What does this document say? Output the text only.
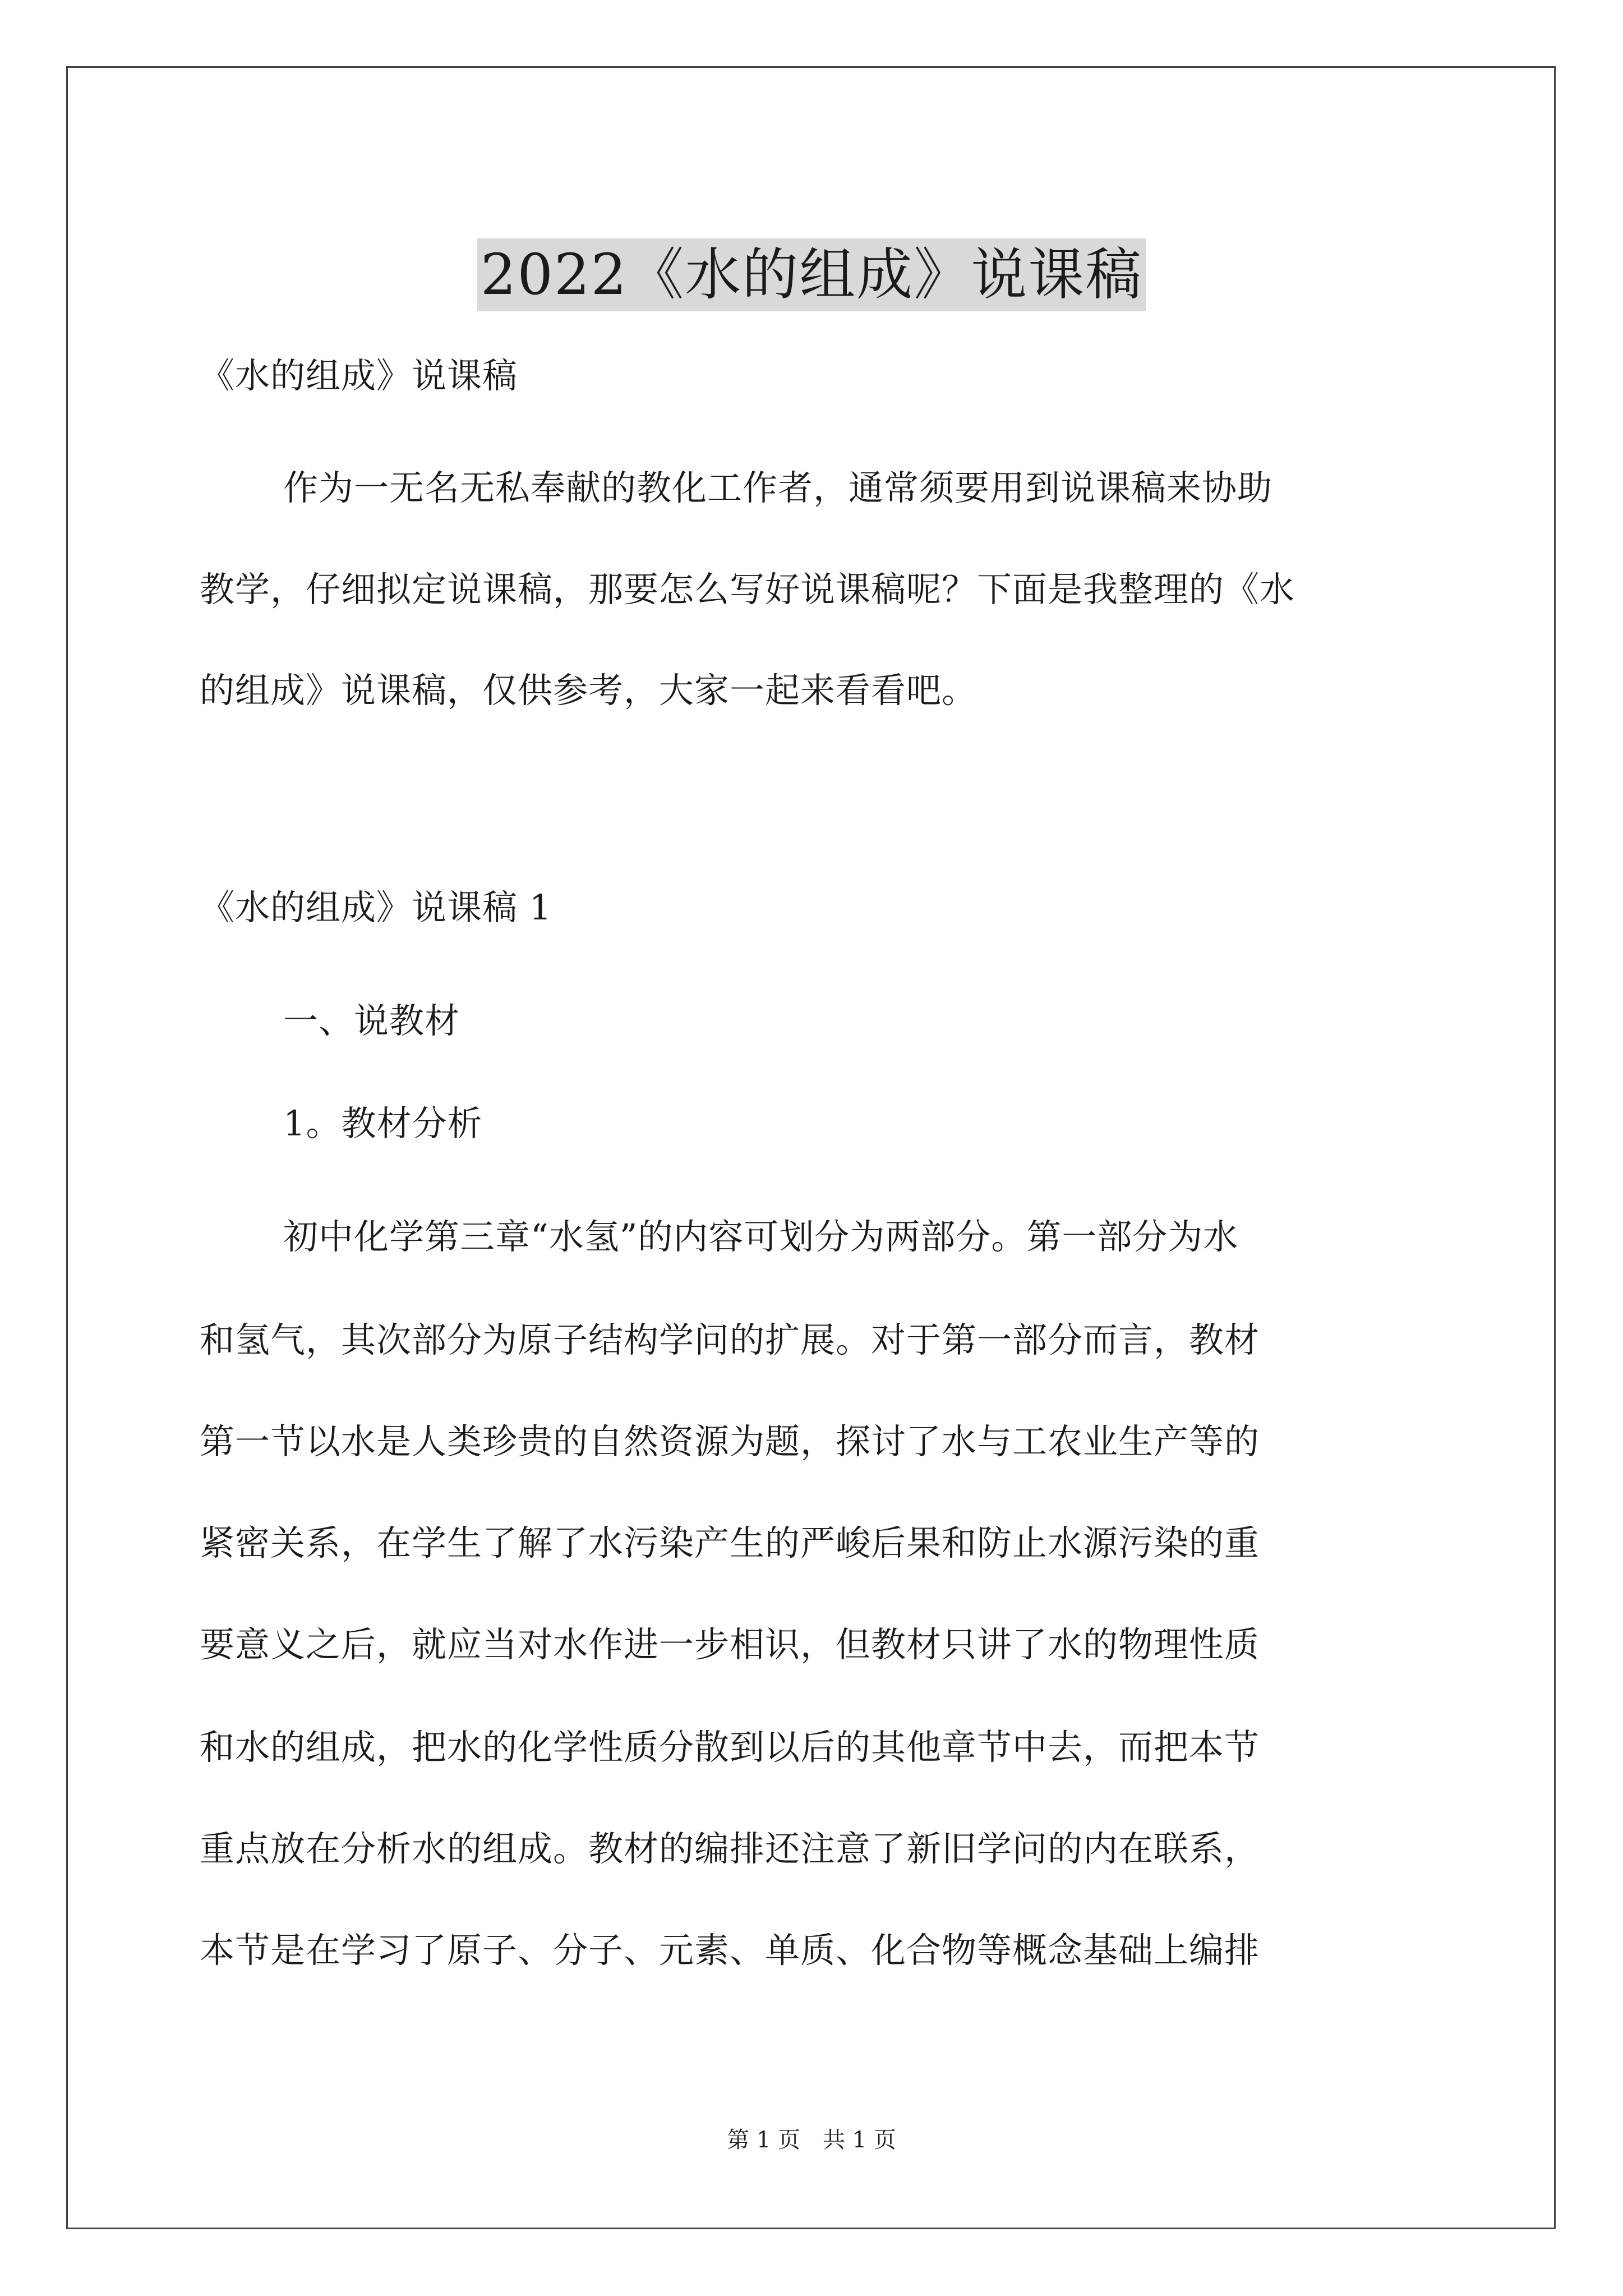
2022《水的组成》说课稿
《水的组成》说课稿
作为一无名无私奉献的教化工作者，通常须要用到说课稿来协助
教学，仔细拟定说课稿，那要怎么写好说课稿呢？下面是我整理的《水
的组成》说课稿，仅供参考，大家一起来看看吧。
《水的组成》说课稿 1
一、说教材
1。教材分析
初中化学第三章“水氢”的内容可划分为两部分。第一部分为水
和氢气，其次部分为原子结构学问的扩展。对于第一部分而言，教材
第一节以水是人类珍贵的自然资源为题，探讨了水与工农业生产等的
紧密关系，在学生了解了水污染产生的严峻后果和防止水源污染的重
要意义之后，就应当对水作进一步相识，但教材只讲了水的物理性质
和水的组成，把水的化学性质分散到以后的其他章节中去，而把本节
重点放在分析水的组成。教材的编排还注意了新旧学问的内在联系，
本节是在学习了原子、分子、元素、单质、化合物等概念基础上编排
第 1 页 共 1 页
